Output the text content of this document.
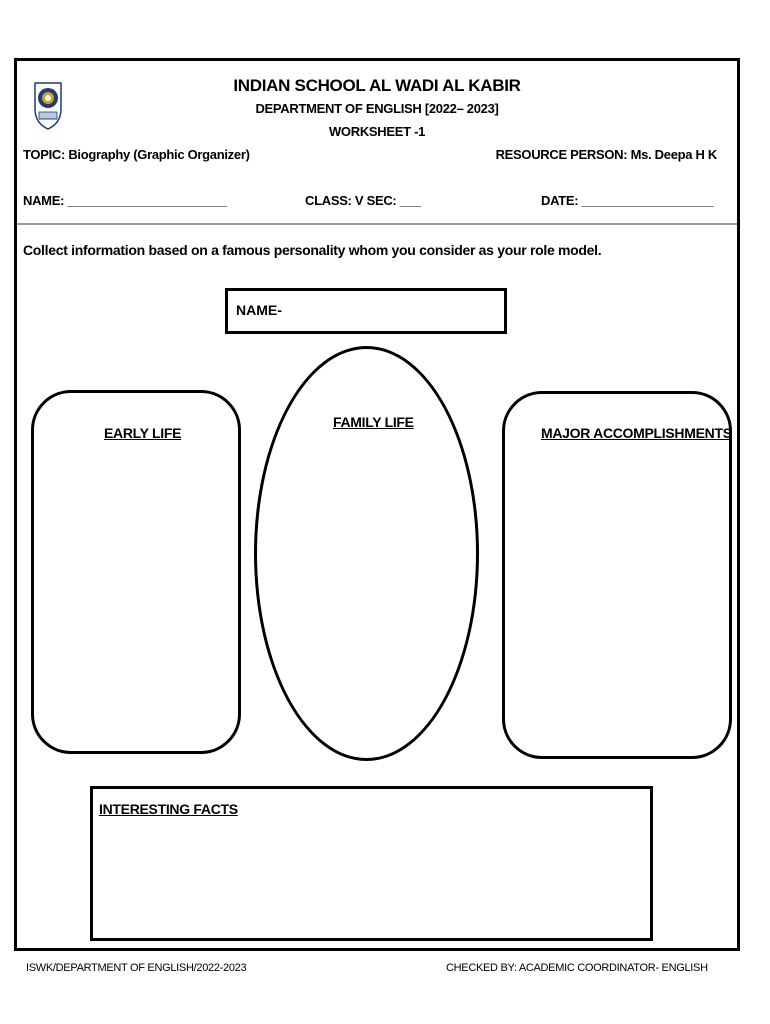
INDIAN SCHOOL AL WADI AL KABIR
DEPARTMENT OF ENGLISH [2022– 2023]
WORKSHEET -1
TOPIC: Biography (Graphic Organizer)	RESOURCE PERSON: Ms. Deepa H K
NAME: _______________________	CLASS: V SEC: ___	DATE: ___________________
Collect information based on a famous personality whom you consider as your role model.
NAME-
EARLY LIFE
FAMILY LIFE
MAJOR ACCOMPLISHMENTS
INTERESTING FACTS
ISWK/DEPARTMENT OF ENGLISH/2022-2023	CHECKED BY: ACADEMIC COORDINATOR- ENGLISH
